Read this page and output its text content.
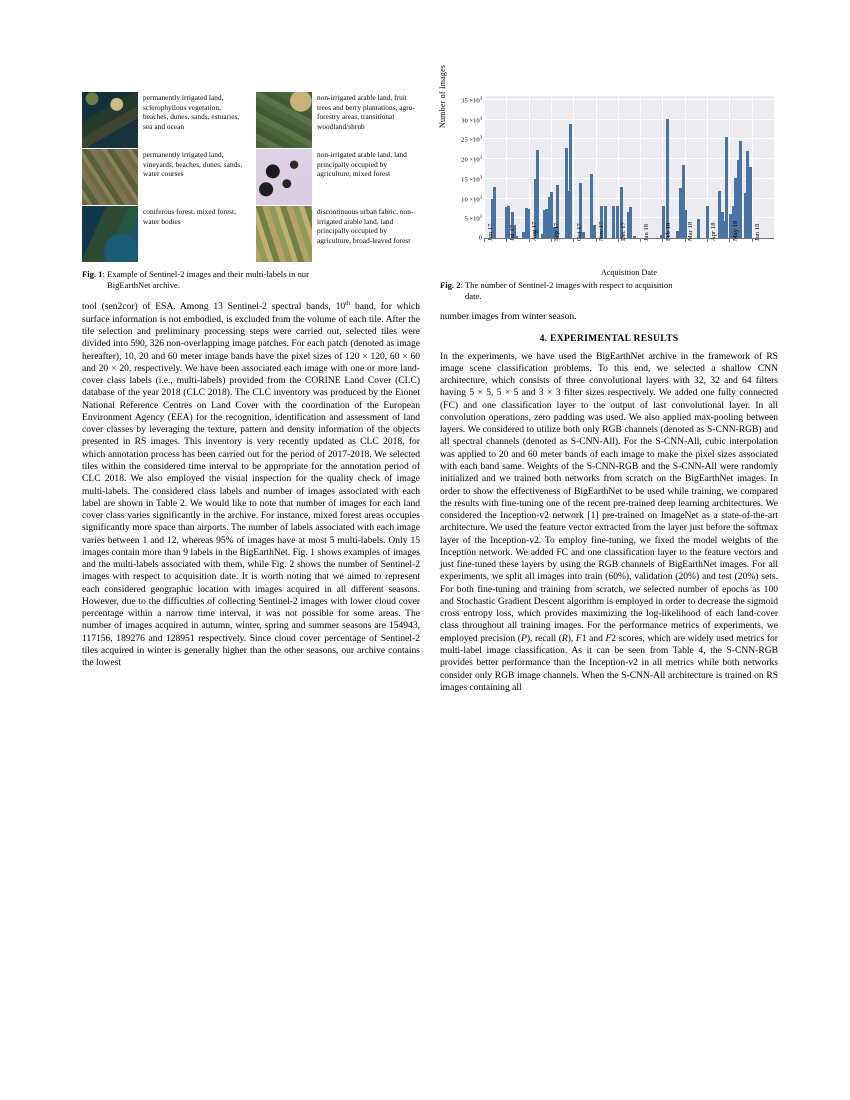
permanently irrigated land, sclerophyllous vegetation, beaches, dunes, sands, estuaries, sea and ocean
permanently irrigated land, vineyards, beaches, dunes, sands, water courses
coniferous forest, mixed forest, water bodies
non-irrigated arable land, fruit trees and berry plantations, agro-forestry areas, transitional woodland/shrub
non-irrigated arable land, land principally occupied by agriculture, mixed forest
discontinuous urban fabric, non-irrigated arable land, land principally occupied by agriculture, broad-leaved forest
Fig. 1: Example of Sentinel-2 images and their multi-labels in our
BigEarthNet archive.

tool (sen2cor) of ESA. Among 13 Sentinel-2 spectral bands, 10th band, for which surface information is not embodied, is excluded from the volume of each tile. After the tile selection and preliminary processing steps were carried out, selected tiles were divided into 590, 326 non-overlapping image patches. For each patch (denoted as image hereafter), 10, 20 and 60 meter image bands have the pixel sizes of 120 × 120, 60 × 60 and 20 × 20, respectively. We have been associated each image with one or more land-cover class labels (i.e., multi-labels) provided from the CORINE Land Cover (CLC) database of the year 2018 (CLC 2018). The CLC inventory was produced by the Eionet National Reference Centres on Land Cover with the coordination of the European Environment Agency (EEA) for the recognition, identification and assessment of land cover classes by leveraging the texture, pattern and density information of the objects presented in RS images. This inventory is very recently updated as CLC 2018, for which annotation process has been carried out for the period of 2017-2018. We selected tiles within the considered time interval to be appropriate for the annotation period of CLC 2018. We also employed the visual inspection for the quality check of image multi-labels. The considered class labels and number of images associated with each label are shown in Table 2. We would like to note that number of images for each land cover class varies significantly in the archive. For instance, mixed forest areas occupies significantly more space than airports. The number of labels associated with each image varies between 1 and 12, whereas 95% of images have at most 5 multi-labels. Only 15 images contain more than 9 labels in the BigEarthNet. Fig. 1 shows examples of images and the multi-labels associated with them, while Fig. 2 shows the number of Sentinel-2 images with respect to acquisition date. It is worth noting that we aimed to represent each considered geographic location with images acquired in all different seasons. However, due to the difficulties of collecting Sentinel-2 images with lower cloud cover percentage within a narrow time interval, it was not possible for some areas. The number of images acquired in autumn, winter, spring and summer seasons are 154943, 117156, 189276 and 128951 respectively. Since cloud cover percentage of Sentinel-2 tiles acquired in winter is generally higher than the other seasons, our archive contains the lowest

Number of Images
0
$5 \times 10^3$
$10 \times 10^3$
$15 \times 10^3$
$20 \times 10^3$
$25 \times 10^3$
$30 \times 10^3$
$35 \times 10^3$
Jun 17 Jul 17 Aug 17 Sep 17 Oct 17 Nov 17 Dec 17 Jan 18 Feb 18 Mar 18 Apr 18 May 18 Jun 18
Acquisition Date
Fig. 2: The number of Sentinel-2 images with respect to acquisition
date.

number images from winter season.

4. EXPERIMENTAL RESULTS

In the experiments, we have used the BigEarthNet archive in the framework of RS image scene classification problems. To this end, we selected a shallow CNN architecture, which consists of three convolutional layers with 32, 32 and 64 filters having 5 × 5, 5 × 5 and 3 × 3 filter sizes respectively. We added one fully connected (FC) and one classification layer to the output of last convolutional layer. In all convolution operations, zero padding was used. We also applied max-pooling between layers. We considered to utilize both only RGB channels (denoted as S-CNN-RGB) and all spectral channels (denoted as S-CNN-All). For the S-CNN-All, cubic interpolation was applied to 20 and 60 meter bands of each image to make the pixel sizes associated with each band same. Weights of the S-CNN-RGB and the S-CNN-All were randomly initialized and we trained both networks from scratch on the BigEarthNet images. In order to show the effectiveness of BigEarthNet to be used while training, we compared the results with fine-tuning one of the recent pre-trained deep learning architectures. We considered the Inception-v2 network [1] pre-trained on ImageNet as a state-of-the-art architecture. We used the feature vector extracted from the layer just before the softmax layer of the Inception-v2. To employ fine-tuning, we fixed the model weights of the Inception network. We added FC and one classification layer to the feature vectors and just fine-tuned these layers by using the RGB channels of BigEarthNet images. For all experiments, we split all images into train (60%), validation (20%) and test (20%) sets. For both fine-tuning and training from scratch, we selected number of epochs as 100 and Stochastic Gradient Descent algorithm is employed in order to decrease the sigmoid cross entropy loss, which provides maximizing the log-likelihood of each land-cover class throughout all training images. For the performance metrics of experiments, we employed precision (P), recall (R), F1 and F2 scores, which are widely used metrics for multi-label image classification. As it can be seen from Table 4, the S-CNN-RGB provides better performance than the Inception-v2 in all metrics while both networks consider only RGB image channels. When the S-CNN-All architecture is trained on RS images containing all
